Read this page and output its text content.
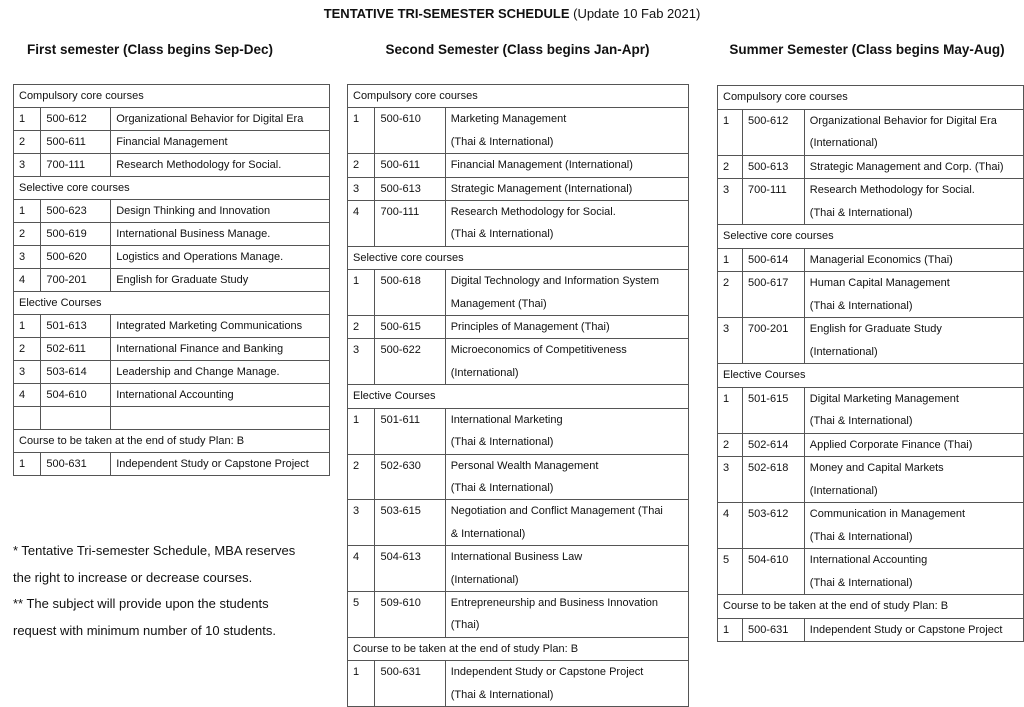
TENTATIVE TRI-SEMESTER SCHEDULE (Update 10 Fab 2021)
First semester (Class begins Sep-Dec)	Second Semester (Class begins Jan-Apr)	Summer Semester (Class begins May-Aug)
Compulsory core courses		
1	500-612	Organizational Behavior for Digital Era

2	500-611	Financial Management

3	700-111	Research Methodology for Social.

Selective core courses		
1	500-623	Design Thinking and Innovation

2	500-619	International Business Manage.

3	500-620	Logistics and Operations Manage.

4	700-201	English for Graduate Study

Elective Courses		
1	501-613	Integrated Marketing Communications

2	502-611	International Finance and Banking

3	503-614	Leadership and Change Manage.

4	504-610	International Accounting

Course to be taken at the end of study Plan: B		
1	500-631	Independent Study or Capstone Project
Compulsory core courses		
1	500-610	Marketing Management
(Thai & International)

2	500-611	Financial Management (International)

3	500-613	Strategic Management (International)

4	700-111	Research Methodology for Social.
(Thai & International)

Selective core courses		
1	500-618	Digital Technology and Information System
Management (Thai)

2	500-615	Principles of Management (Thai)

3	500-622	Microeconomics of Competitiveness
(International)

Elective Courses		
1	501-611	International Marketing
(Thai & International)

2	502-630	Personal Wealth Management
(Thai & International)

3	503-615	Negotiation and Conflict Management (Thai
& International)

4	504-613	International Business Law
(International)

5	509-610	Entrepreneurship and Business Innovation
(Thai)

Course to be taken at the end of study Plan: B		
1	500-631	Independent Study or Capstone Project
(Thai & International)
Compulsory core courses		
1	500-612	Organizational Behavior for Digital Era
(International)

2	500-613	Strategic Management and Corp. (Thai)

3	700-111	Research Methodology for Social.
(Thai & International)

Selective core courses		
1	500-614	Managerial Economics (Thai)

2	500-617	Human Capital Management
(Thai & International)

3	700-201	English for Graduate Study
(International)

Elective Courses		
1	501-615	Digital Marketing Management
(Thai & International)

2	502-614	Applied Corporate Finance (Thai)

3	502-618	Money and Capital Markets
(International)

4	503-612	Communication in Management
(Thai & International)

5	504-610	International Accounting
(Thai & International)

Course to be taken at the end of study Plan: B		
1	500-631	Independent Study or Capstone Project
* Tentative Tri-semester Schedule, MBA reserves
the right to increase or decrease courses.
** The subject will provide upon the students
request with minimum number of 10 students.
